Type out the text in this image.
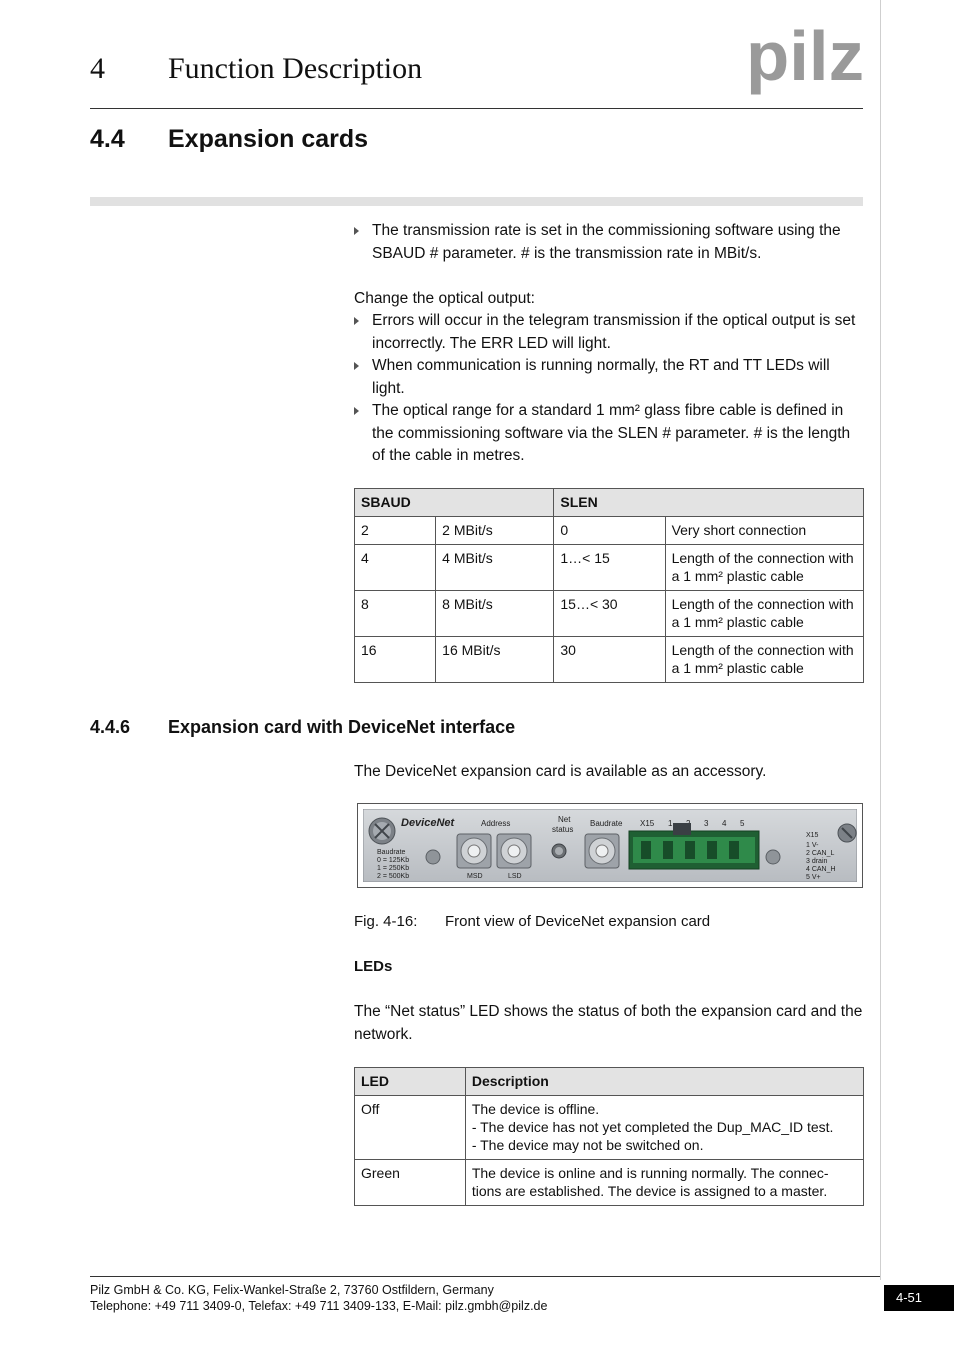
4 Function Description	pilz
4.4 Expansion cards
The transmission rate is set in the commissioning software using the SBAUD # parameter. # is the transmission rate in MBit/s.
Change the optical output:
Errors will occur in the telegram transmission if the optical output is set incorrectly. The ERR LED will light.
When communication is running normally, the RT and TT LEDs will light.
The optical range for a standard 1 mm² glass fibre cable is defined in the commissioning software via the SLEN # parameter. # is the length of the cable in metres.
SBAUD		SLEN	
2	2 MBit/s	0	Very short connection
4	4 MBit/s	1…< 15	Length of the connection with a 1 mm² plastic cable
8	8 MBit/s	15…< 30	Length of the connection with a 1 mm² plastic cable
16	16 MBit/s	30	Length of the connection with a 1 mm² plastic cable
4.4.6 Expansion card with DeviceNet interface
The DeviceNet expansion card is available as an accessory.
DeviceNet	Address	Net
status
Baudrate X15 1	3 4 5
Baudrate
0 = 125Kb
1 = 250Kb
2 = 500Kb	MSD	LSD
X15
1 V-
2 CAN_L
3 drain
4 CAN_H
5 V+
Fig. 4-16: Front view of DeviceNet expansion card
LEDs
The “Net status” LED shows the status of both the expansion card and the network.
LED	Description
Off	The device is offline.
- The device has not yet completed the Dup_MAC_ID test.
- The device may not be switched on.

Green	The device is online and is running normally. The connec-
tions are established. The device is assigned to a master.
Pilz GmbH & Co. KG, Felix-Wankel-Straße 2, 73760 Ostfildern, Germany
Telephone: +49 711 3409-0, Telefax: +49 711 3409-133, E-Mail: pilz.gmbh@pilz.de
4-51
